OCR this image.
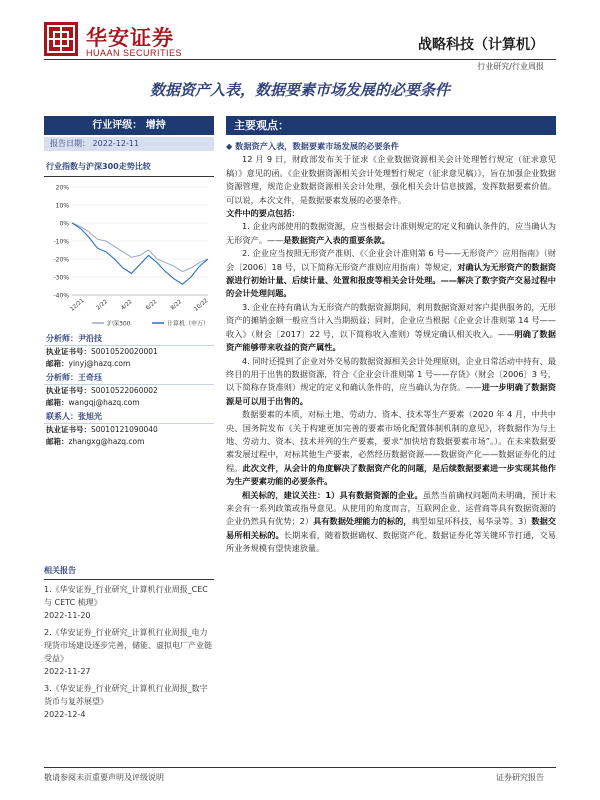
华安证券
HUAAN SECURITIES	战略科技（计算机）
行业研究/行业周报
数据资产入表，数据要素市场发展的必要条件
行业评级： 增持
报告日期： 2022-12-11
行业指数与沪深300走势比较
20%
10%
0%
-10%
-20%
-30%
-40%
12/21 2/22 4/22 6/22 8/22 10/22
沪深300	计算机（申万）
分析师：尹沿技
执业证书号：S0010520020001
邮箱：yinyj@hazq.com
分析师：王奇珏
执业证书号：S0010522060002
邮箱：wangqj@hazq.com
联系人：张旭光
执业证书号：S0010121090040
邮箱：zhangxg@hazq.com
相关报告
1.《华安证券_行业研究_计算机行业周报_CEC 与 CETC 梳理》
2022-11-20
2.《华安证券_行业研究_计算机行业周报_电力现货市场建设逐步完善，储能、虚拟电厂产业链受益》
2022-11-27
3.《华安证券_行业研究_计算机行业周报_数字货币与复苏展望》
2022-12-4
主要观点：

◆ 数据资产入表，数据要素市场发展的必要条件

12 月 9 日，财政部发布关于征求《企业数据资源相关会计处理暂行规定（征求意见稿）》意见的函。《企业数据资源相关会计处理暂行规定（征求意见稿）》，旨在加强企业数据资源管理，规范企业数据资源相关会计处理，强化相关会计信息披露，发挥数据要素价值。可以说，本次文件，是数据要素发展的必要条件。

文件中的要点包括：

1. 企业内部使用的数据资源，应当根据会计准则规定的定义和确认条件的，应当确认为无形资产。——是数据资产入表的重要条款。

2. 企业应当按照无形资产准则、《〈企业会计准则第 6 号——无形资产〉应用指南》（财会〔2006〕18 号，以下简称无形资产准则应用指南）等规定，对确认为无形资产的数据资源进行初始计量、后续计量、处置和报废等相关会计处理。——解决了数字资产交易过程中的会计处理问题。

3. 企业在持有确认为无形资产的数据资源期间，利用数据资源对客户提供服务的，无形资产的摊销金额一般应当计入当期损益；同时，企业应当根据《企业会计准则第 14 号——收入》（财会〔2017〕22 号，以下简称收入准则）等规定确认相关收入。——明确了数据资产能够带来收益的资产属性。

4. 同时还提到了企业对外交易的数据资源相关会计处理原则，企业日常活动中持有、最终目的用于出售的数据资源，符合《企业会计准则第 1 号——存货》（财会〔2006〕3 号，以下简称存货准则）规定的定义和确认条件的，应当确认为存货。——进一步明确了数据资源是可以用于出售的。

数据要素的本质，对标土地、劳动力、资本、技术等生产要素（2020 年 4 月，中共中央、国务院发布《关于构建更加完善的要素市场化配置体制机制的意见》，将数据作为与土地、劳动力、资本、技术并列的生产要素，要求“加快培育数据要素市场”。）。在未来数据要素发展过程中，对标其他生产要素，必然经历数据资源——数据资产化——数据证券化的过程。此次文件，从会计的角度解决了数据资产化的问题，是后续数据要素进一步实现其他作为生产要素功能的必要条件。

相关标的，建议关注：1）具有数据资源的企业。虽然当前确权问题尚未明确，预计未来会有一系列政策或指导意见。从使用的角度而言，互联网企业、运营商等具有数据资源的企业仍然具有优势；2）具有数据处理能力的标的，典型如星环科技、易华录等。3）数据交易所相关标的。长期来看，随着数据确权、数据资产化、数据证券化等关键环节打通，交易所业务规模有望快速放量。

敬请参阅末页重要声明及评级说明	证券研究报告
